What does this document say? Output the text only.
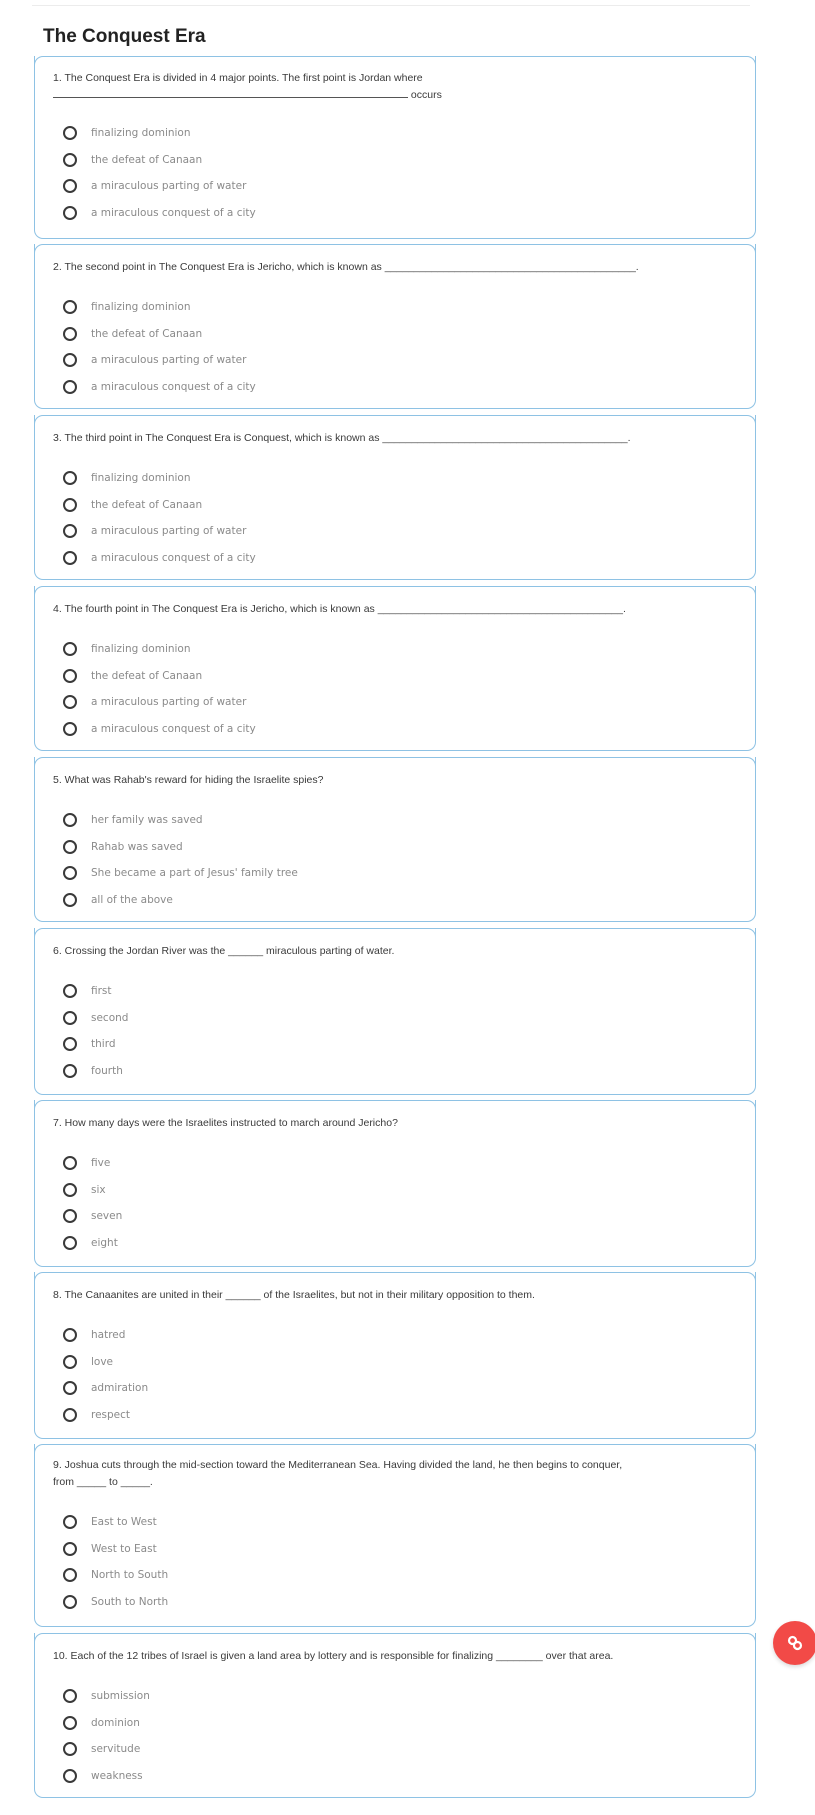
The Conquest Era
1. The Conquest Era is divided in 4 major points. The first point is Jordan where
occurs
finalizing dominion
the defeat of Canaan
a miraculous parting of water
a miraculous conquest of a city
2. The second point in The Conquest Era is Jericho, which is known as ___________________________________________.
finalizing dominion
the defeat of Canaan
a miraculous parting of water
a miraculous conquest of a city
3. The third point in The Conquest Era is Conquest, which is known as __________________________________________.
finalizing dominion
the defeat of Canaan
a miraculous parting of water
a miraculous conquest of a city
4. The fourth point in The Conquest Era is Jericho, which is known as __________________________________________.
finalizing dominion
the defeat of Canaan
a miraculous parting of water
a miraculous conquest of a city
5. What was Rahab's reward for hiding the Israelite spies?
her family was saved
Rahab was saved
She became a part of Jesus' family tree
all of the above
6. Crossing the Jordan River was the ______ miraculous parting of water.
first
second
third
fourth
7. How many days were the Israelites instructed to march around Jericho?
five
six
seven
eight
8. The Canaanites are united in their ______ of the Israelites, but not in their military opposition to them.
hatred
love
admiration
respect
9. Joshua cuts through the mid-section toward the Mediterranean Sea. Having divided the land, he then begins to conquer,
from _____ to _____.
East to West
West to East
North to South
South to North
10. Each of the 12 tribes of Israel is given a land area by lottery and is responsible for finalizing ________ over that area.
submission
dominion
servitude
weakness
